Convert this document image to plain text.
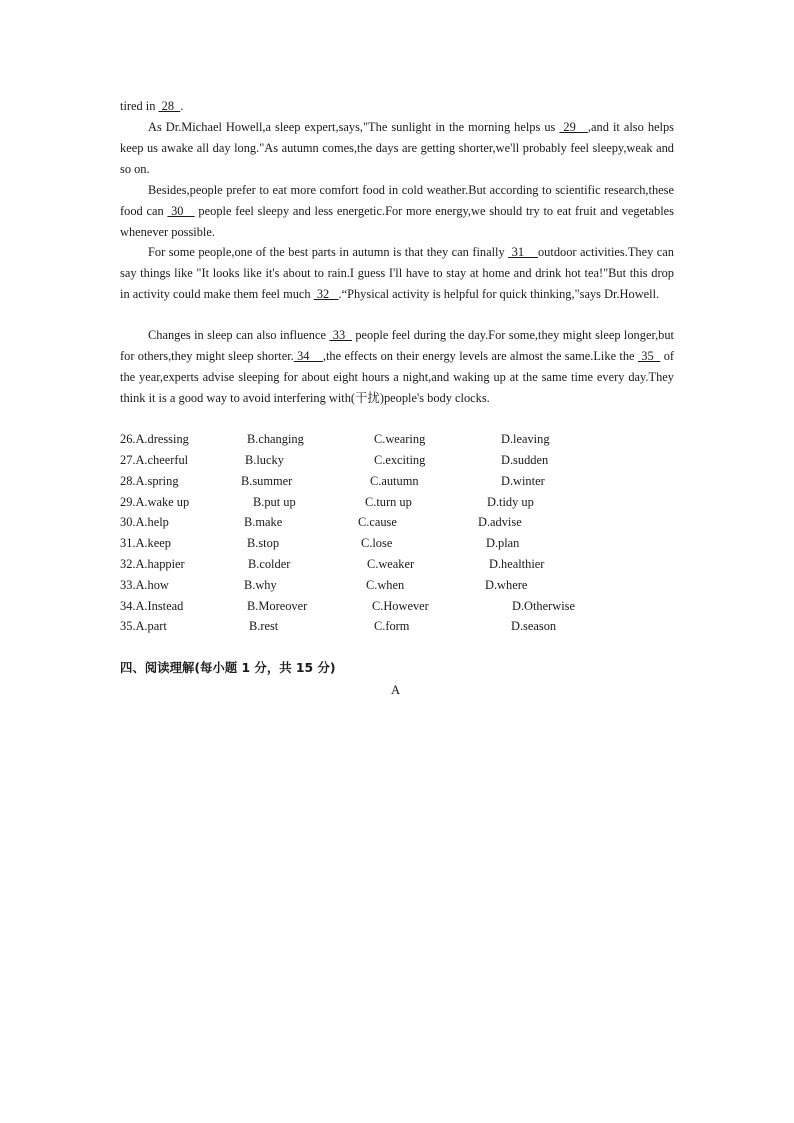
tired in  28  .
As Dr.Michael Howell,a sleep expert,says,"The sunlight in the morning helps us  29   ,and it also helps keep us awake all day long."As autumn comes,the days are getting shorter,we'll probably feel sleepy,weak and so on.
Besides,people prefer to eat more comfort food in cold weather.But according to scientific research,these food can  30    people feel sleepy and less energetic.For more energy,we should try to eat fruit and vegetables whenever possible.
For some people,one of the best parts in autumn is that they can finally  31    outdoor activities.They can say things like "It looks like it's about to rain.I guess I'll have to stay at home and drink hot tea!"But this drop in activity could make them feel much  32   .“Physical activity is helpful for quick thinking,"says Dr.Howell.
Changes in sleep can also influence  33   people feel during the day.For some,they might sleep longer,but for others,they might sleep shorter. 34    ,the effects on their energy levels are almost the same.Like the  35   of the year,experts advise sleeping for about eight hours a night,and waking up at the same time every day.They think it is a good way to avoid interfering with(干扰)people's body clocks.
26.A.dressing	B.changing	C.wearing	D.leaving
27.A.cheerful	B.lucky	C.exciting	D.sudden
28.A.spring	B.summer	C.autumn	D.winter
29.A.wake up	B.put up	C.turn up	D.tidy up
30.A.help	B.make	C.cause	D.advise
31.A.keep	B.stop	C.lose	D.plan
32.A.happier	B.colder	C.weaker	D.healthier
33.A.how	B.why	C.when	D.where
34.A.Instead	B.Moreover	C.However	D.Otherwise
35.A.part	B.rest	C.form	D.season
四、阅读理解(每小题 1 分，共 15 分)
A
